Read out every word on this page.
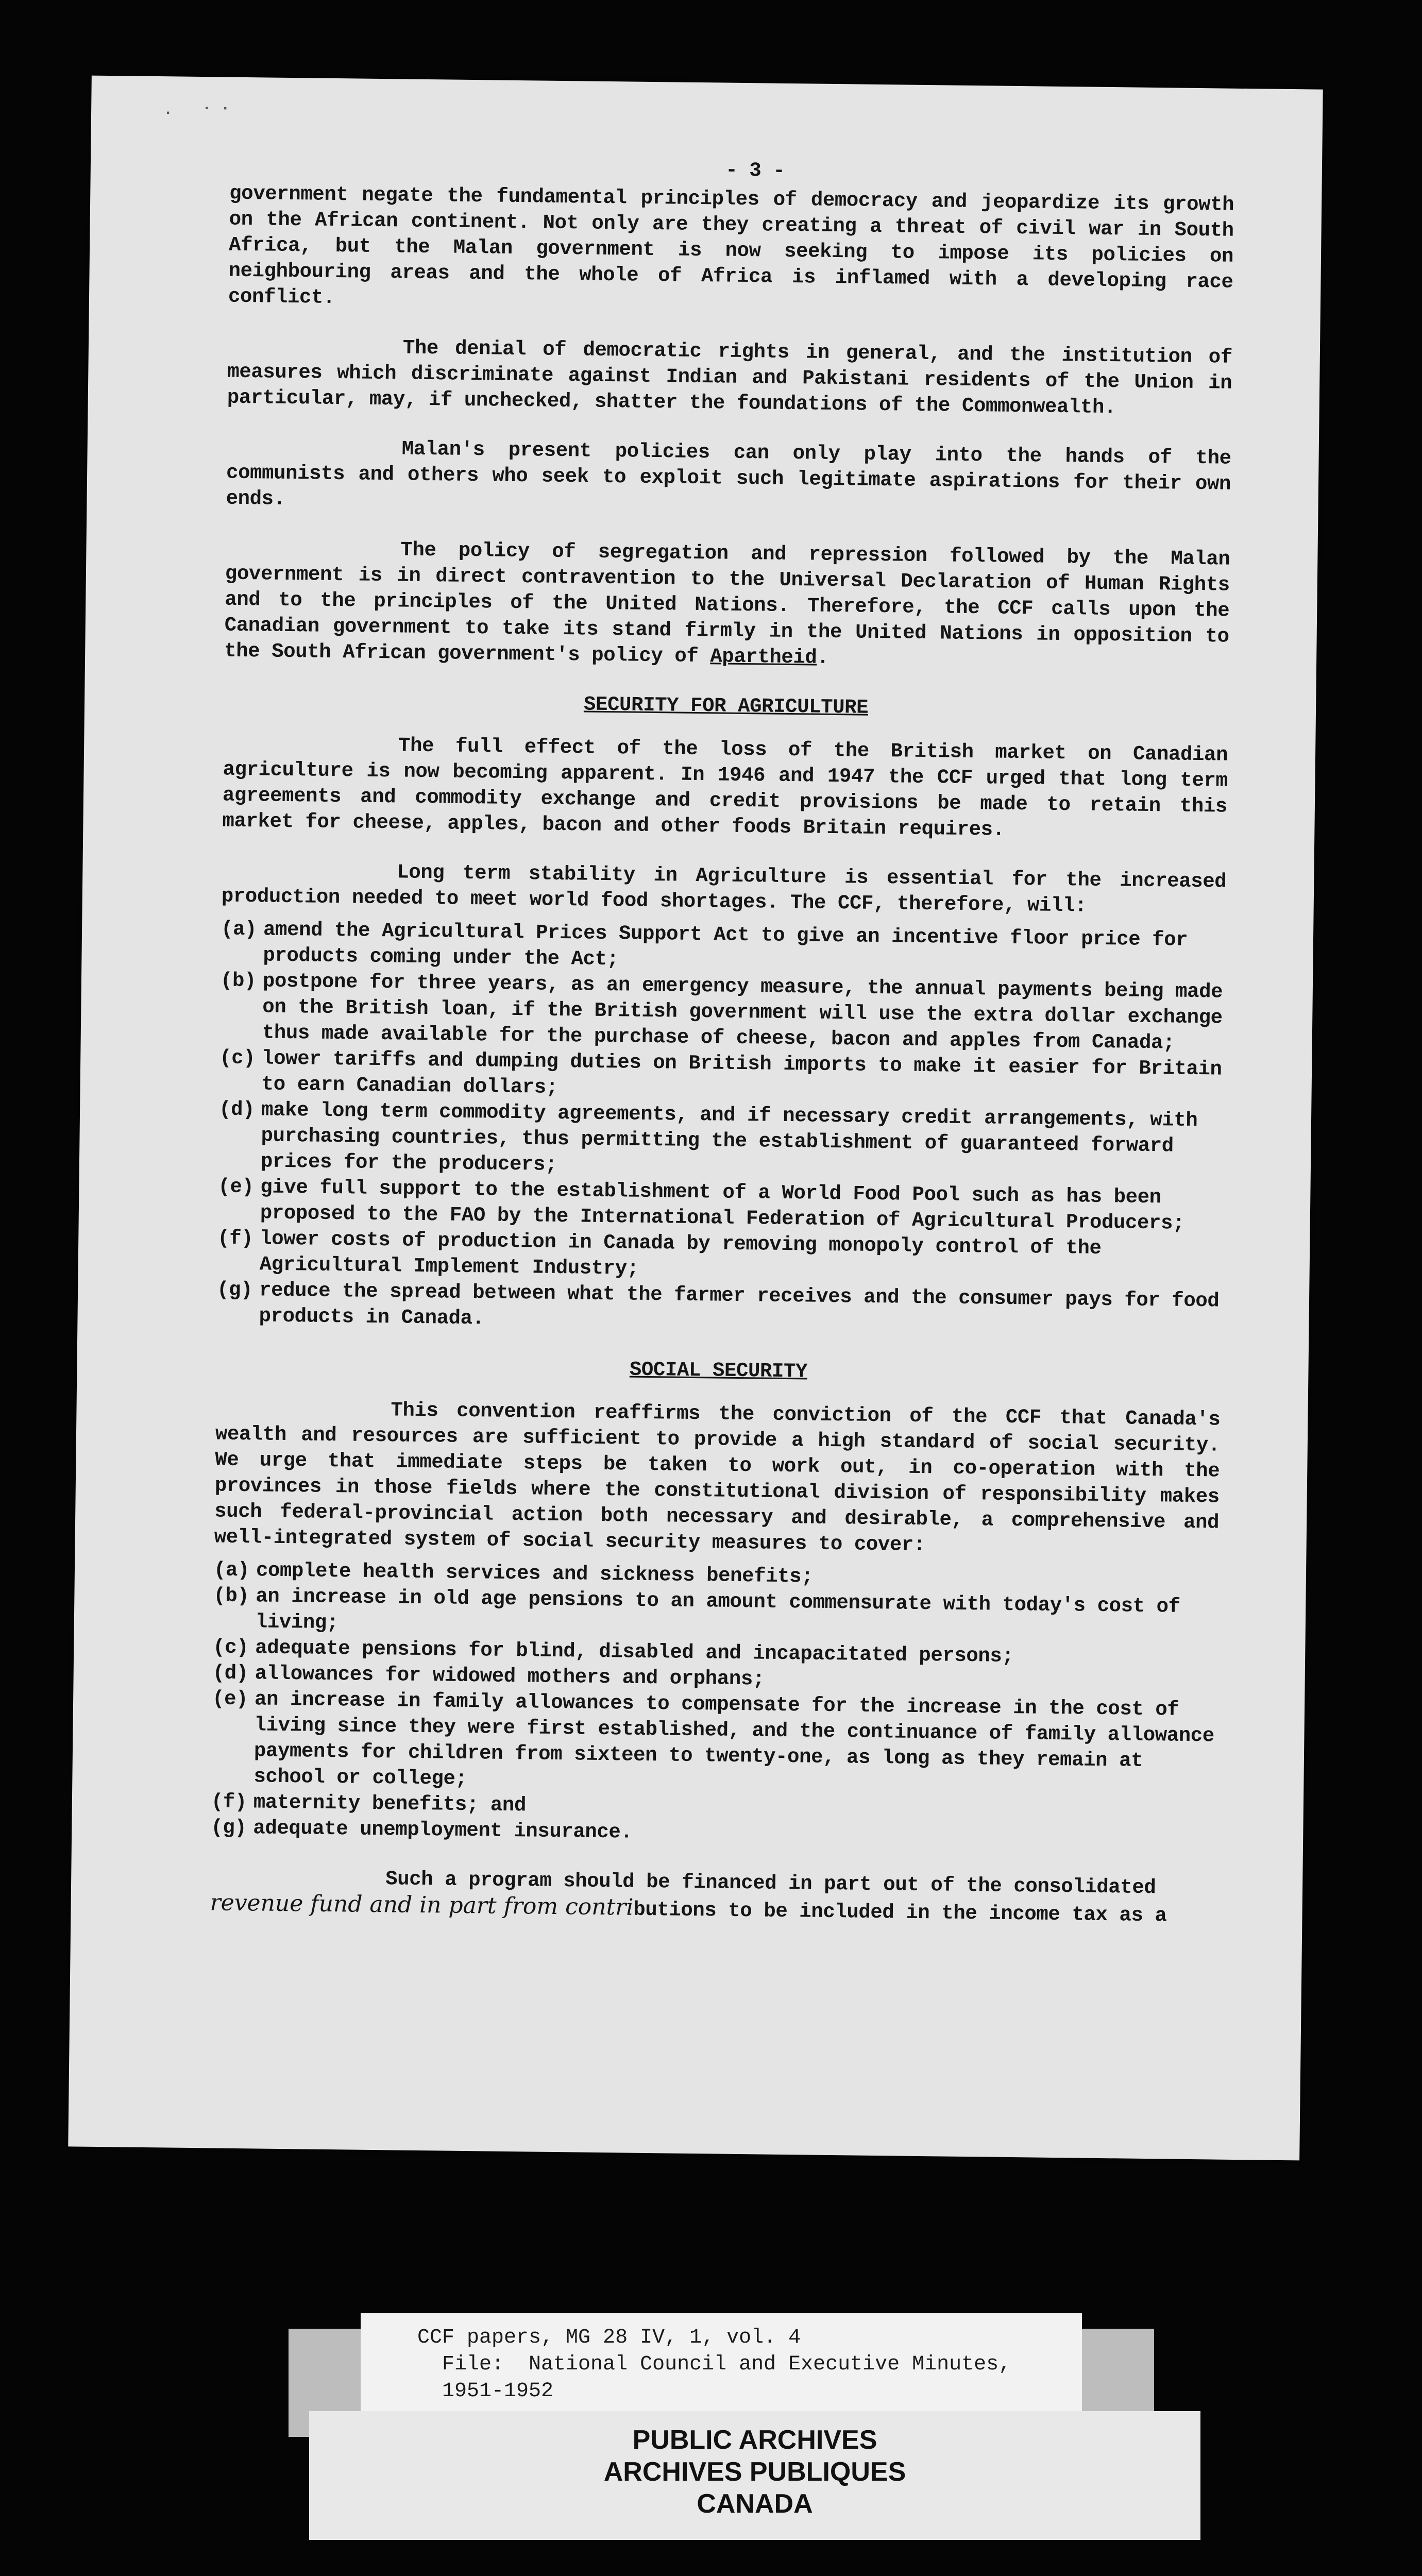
· · ·
- 3 -

government negate the fundamental principles of democracy and jeopardize its growth on the African continent. Not only are they creating a threat of civil war in South Africa, but the Malan government is now seeking to impose its policies on neighbouring areas and the whole of Africa is inflamed with a developing race conflict.

The denial of democratic rights in general, and the institution of measures which discriminate against Indian and Pakistani residents of the Union in particular, may, if unchecked, shatter the foundations of the Commonwealth.

Malan's present policies can only play into the hands of the communists and others who seek to exploit such legitimate aspirations for their own ends.

The policy of segregation and repression followed by the Malan government is in direct contravention to the Universal Declaration of Human Rights and to the principles of the United Nations. Therefore, the CCF calls upon the Canadian government to take its stand firmly in the United Nations in opposition to the South African government's policy of Apartheid.

SECURITY FOR AGRICULTURE

The full effect of the loss of the British market on Canadian agriculture is now becoming apparent. In 1946 and 1947 the CCF urged that long term agreements and commodity exchange and credit provisions be made to retain this market for cheese, apples, bacon and other foods Britain requires.

Long term stability in Agriculture is essential for the increased production needed to meet world food shortages. The CCF, therefore, will:

(a) amend the Agricultural Prices Support Act to give an incentive floor price for products coming under the Act;
(b) postpone for three years, as an emergency measure, the annual payments being made on the British loan, if the British government will use the extra dollar exchange thus made available for the purchase of cheese, bacon and apples from Canada;
(c) lower tariffs and dumping duties on British imports to make it easier for Britain to earn Canadian dollars;
(d) make long term commodity agreements, and if necessary credit arrangements, with purchasing countries, thus permitting the establishment of guaranteed forward prices for the producers;
(e) give full support to the establishment of a World Food Pool such as has been proposed to the FAO by the International Federation of Agricultural Producers;
(f) lower costs of production in Canada by removing monopoly control of the Agricultural Implement Industry;
(g) reduce the spread between what the farmer receives and the consumer pays for food products in Canada.
SOCIAL SECURITY

This convention reaffirms the conviction of the CCF that Canada's wealth and resources are sufficient to provide a high standard of social security. We urge that immediate steps be taken to work out, in co-operation with the provinces in those fields where the constitutional division of responsibility makes such federal-provincial action both necessary and desirable, a comprehensive and well-integrated system of social security measures to cover:

(a) complete health services and sickness benefits;
(b) an increase in old age pensions to an amount commensurate with today's cost of living;
(c) adequate pensions for blind, disabled and incapacitated persons;
(d) allowances for widowed mothers and orphans;
(e) an increase in family allowances to compensate for the increase in the cost of living since they were first established, and the continuance of family allowance payments for children from sixteen to twenty-one, as long as they remain at school or college;
(f) maternity benefits; and
(g) adequate unemployment insurance.

Such a program should be financed in part out of the consolidated

revenue fund and in part from contributions to be included in the income tax as a
CCF papers, MG 28 IV, 1, vol. 4
File:  National Council and Executive Minutes,
1951-1952
PUBLIC ARCHIVES
ARCHIVES PUBLIQUES
CANADA
